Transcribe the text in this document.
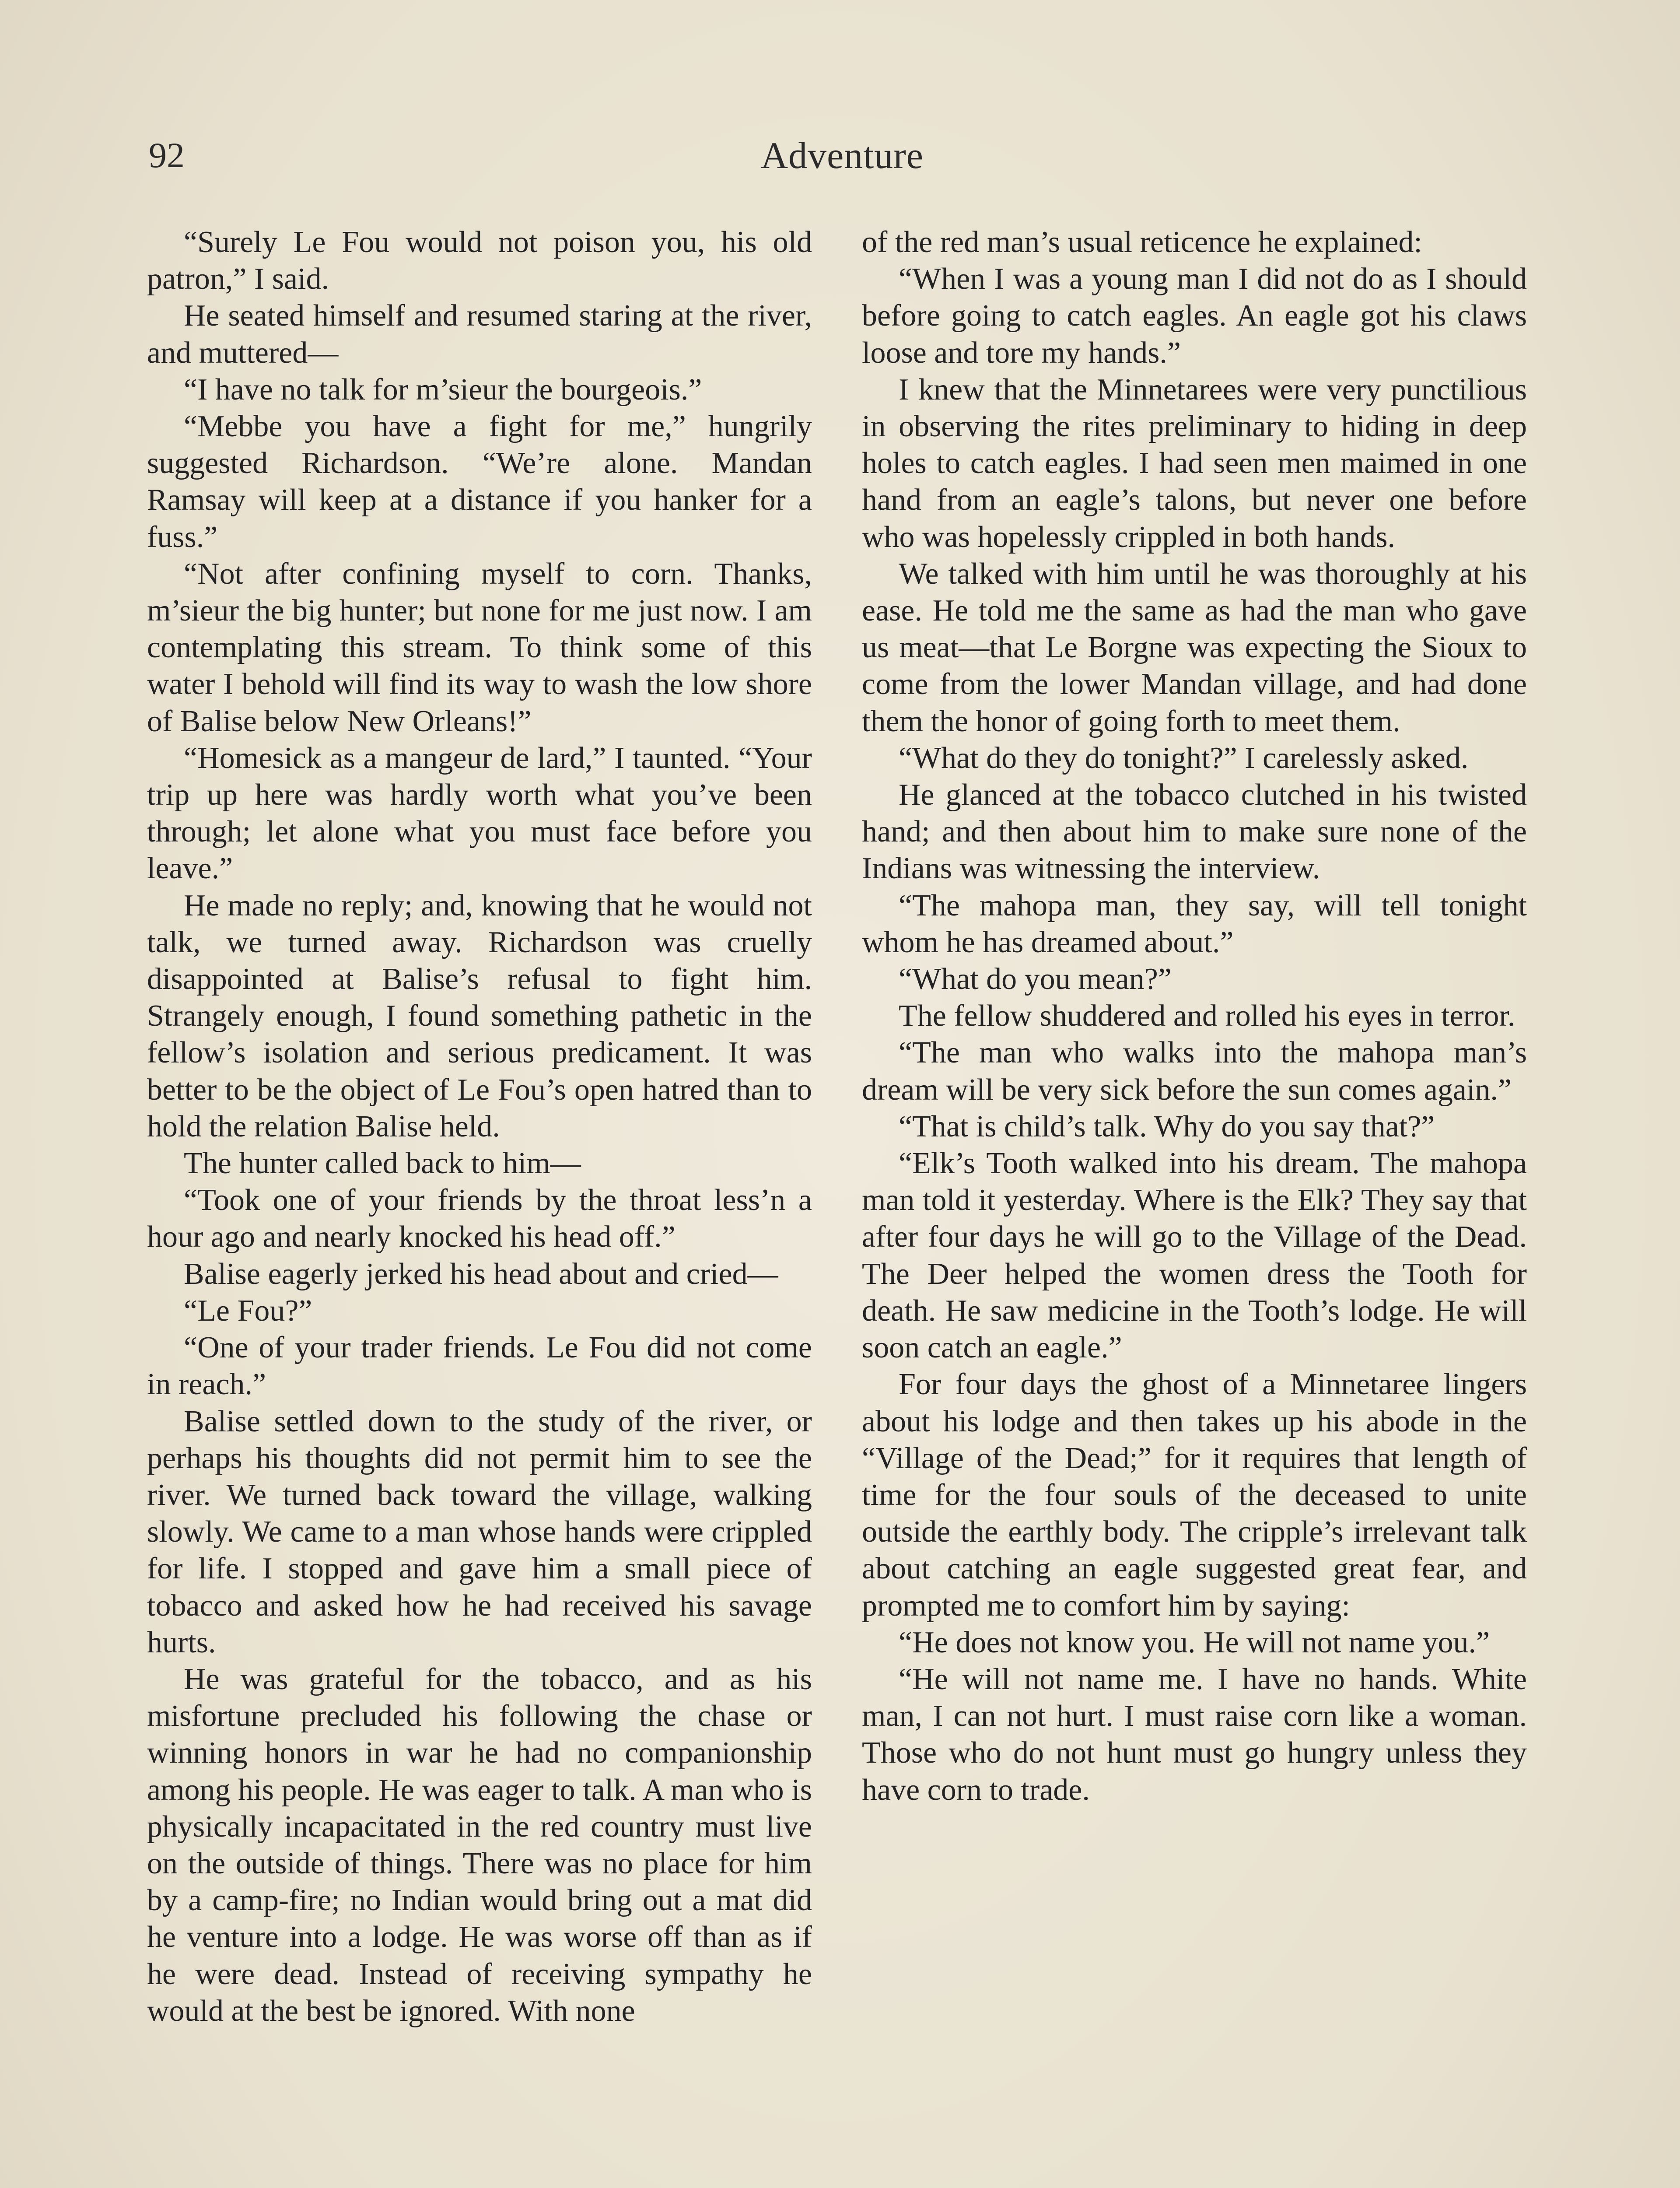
92	Adventure

“Surely Le Fou would not poison you, his old patron,” I said.

He seated himself and resumed staring at the river, and muttered—

“I have no talk for m’sieur the bourgeois.”

“Mebbe you have a fight for me,” hungrily suggested Richardson. “We’re alone. Mandan Ramsay will keep at a distance if you hanker for a fuss.”

“Not after confining myself to corn. Thanks, m’sieur the big hunter; but none for me just now. I am contemplating this stream. To think some of this water I behold will find its way to wash the low shore of Balise below New Orleans!”

“Homesick as a mangeur de lard,” I taunted. “Your trip up here was hardly worth what you’ve been through; let alone what you must face before you leave.”

He made no reply; and, knowing that he would not talk, we turned away. Richardson was cruelly disappointed at Balise’s refusal to fight him. Strangely enough, I found something pathetic in the fellow’s isolation and serious predicament. It was better to be the object of Le Fou’s open hatred than to hold the relation Balise held.

The hunter called back to him—

“Took one of your friends by the throat less’n a hour ago and nearly knocked his head off.”

Balise eagerly jerked his head about and cried—

“Le Fou?”

“One of your trader friends. Le Fou did not come in reach.”

Balise settled down to the study of the river, or perhaps his thoughts did not permit him to see the river. We turned back toward the village, walking slowly. We came to a man whose hands were crippled for life. I stopped and gave him a small piece of tobacco and asked how he had received his savage hurts.

He was grateful for the tobacco, and as his misfortune precluded his following the chase or winning honors in war he had no companionship among his people. He was eager to talk. A man who is physically incapacitated in the red country must live on the outside of things. There was no place for him by a camp-fire; no Indian would bring out a mat did he venture into a lodge. He was worse off than as if he were dead. Instead of receiving sympathy he would at the best be ignored. With none

of the red man’s usual reticence he explained:

“When I was a young man I did not do as I should before going to catch eagles. An eagle got his claws loose and tore my hands.”

I knew that the Minnetarees were very punctilious in observing the rites preliminary to hiding in deep holes to catch eagles. I had seen men maimed in one hand from an eagle’s talons, but never one before who was hopelessly crippled in both hands.

We talked with him until he was thoroughly at his ease. He told me the same as had the man who gave us meat—that Le Borgne was expecting the Sioux to come from the lower Mandan village, and had done them the honor of going forth to meet them.

“What do they do tonight?” I carelessly asked.

He glanced at the tobacco clutched in his twisted hand; and then about him to make sure none of the Indians was witnessing the interview.

“The mahopa man, they say, will tell tonight whom he has dreamed about.”

“What do you mean?”

The fellow shuddered and rolled his eyes in terror.

“The man who walks into the mahopa man’s dream will be very sick before the sun comes again.”

“That is child’s talk. Why do you say that?”

“Elk’s Tooth walked into his dream. The mahopa man told it yesterday. Where is the Elk? They say that after four days he will go to the Village of the Dead. The Deer helped the women dress the Tooth for death. He saw medicine in the Tooth’s lodge. He will soon catch an eagle.”

For four days the ghost of a Minnetaree lingers about his lodge and then takes up his abode in the “Village of the Dead;” for it requires that length of time for the four souls of the deceased to unite outside the earthly body. The cripple’s irrelevant talk about catching an eagle suggested great fear, and prompted me to comfort him by saying:

“He does not know you. He will not name you.”

“He will not name me. I have no hands. White man, I can not hurt. I must raise corn like a woman. Those who do not hunt must go hungry unless they have corn to trade.
